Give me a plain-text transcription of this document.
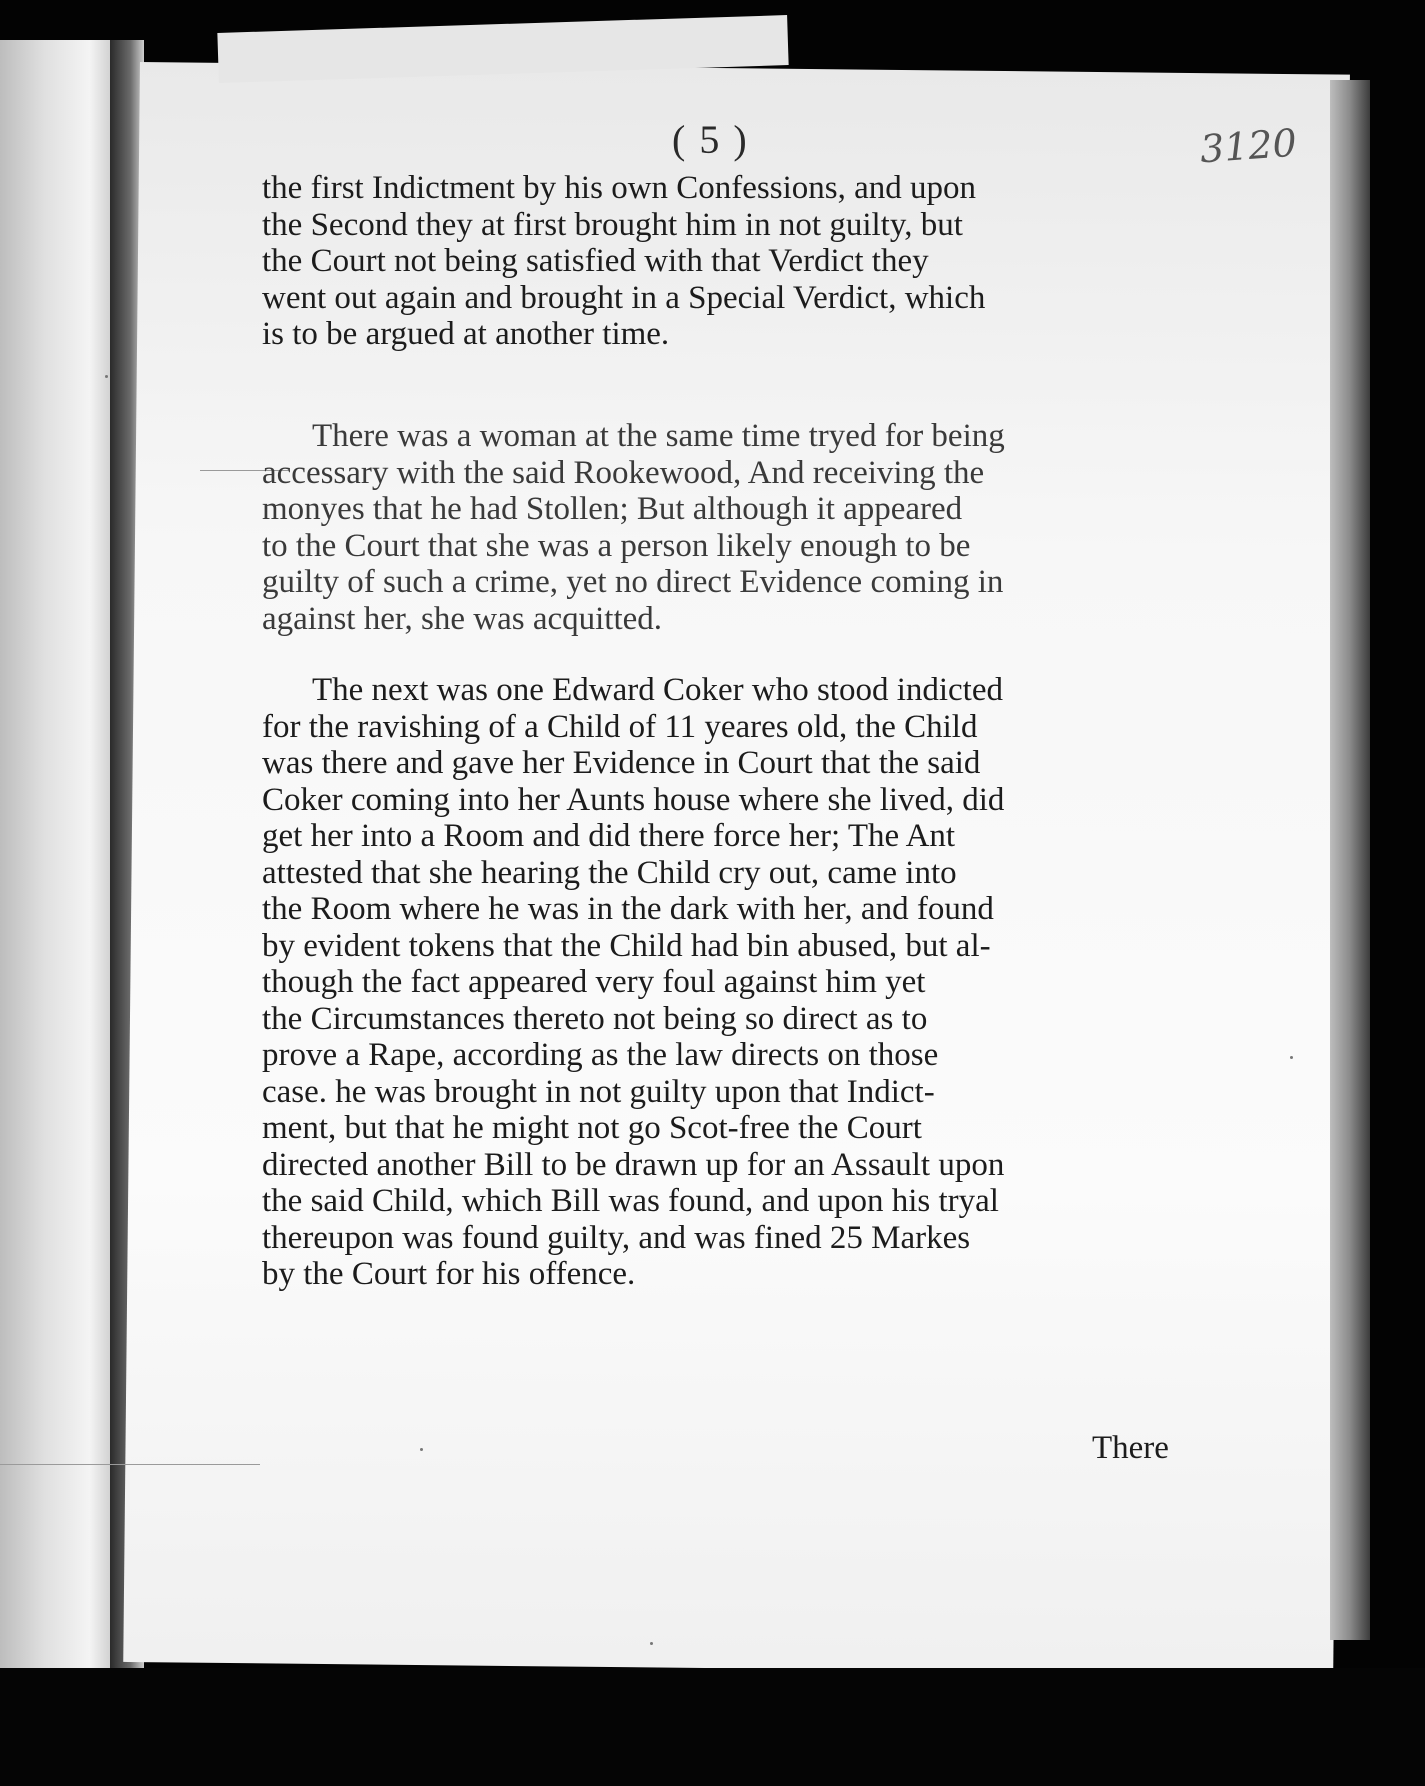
( 5 )	3120

the first Indictment by his own Confessions, and upon
the Second they at first brought him in not guilty, but
the Court not being satisfied with that Verdict they
went out again and brought in a Special Verdict, which
is to be argued at another time.

There was a woman at the same time tryed for being
accessary with the said Rookewood, And receiving the
monyes that he had Stollen; But although it appeared
to the Court that she was a person likely enough to be
guilty of such a crime, yet no direct Evidence coming in
against her, she was acquitted.

The next was one Edward Coker who stood indicted
for the ravishing of a Child of 11 yeares old, the Child
was there and gave her Evidence in Court that the said
Coker coming into her Aunts house where she lived, did
get her into a Room and did there force her; The Ant
attested that she hearing the Child cry out, came into
the Room where he was in the dark with her, and found
by evident tokens that the Child had bin abused, but al-
though the fact appeared very foul against him yet
the Circumstances thereto not being so direct as to
prove a Rape, according as the law directs on those
case. he was brought in not guilty upon that Indict-
ment, but that he might not go Scot-free the Court
directed another Bill to be drawn up for an Assault upon
the said Child, which Bill was found, and upon his tryal
thereupon was found guilty, and was fined 25 Markes
by the Court for his offence.

There
